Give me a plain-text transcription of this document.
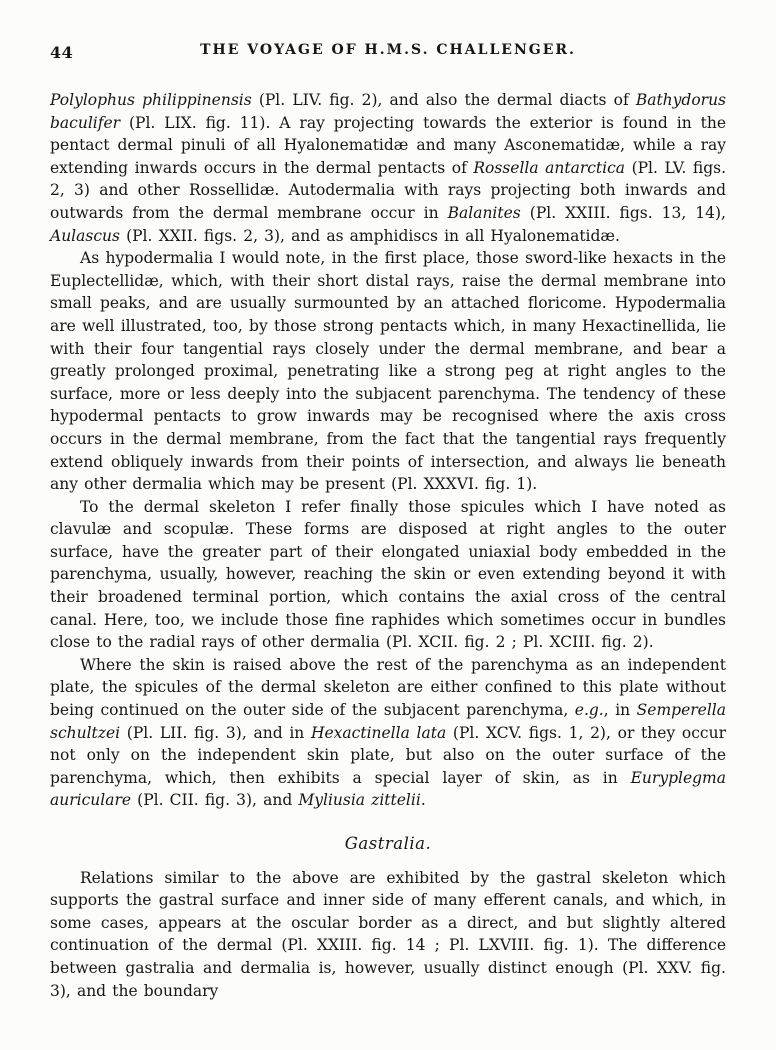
44	THE VOYAGE OF H.M.S. CHALLENGER.

Polylophus philippinensis (Pl. LIV. fig. 2), and also the dermal diacts of Bathydorus baculifer (Pl. LIX. fig. 11). A ray projecting towards the exterior is found in the pentact dermal pinuli of all Hyalonematidæ and many Asconematidæ, while a ray extending inwards occurs in the dermal pentacts of Rossella antarctica (Pl. LV. figs. 2, 3) and other Rossellidæ. Autodermalia with rays projecting both inwards and outwards from the dermal membrane occur in Balanites (Pl. XXIII. figs. 13, 14), Aulascus (Pl. XXII. figs. 2, 3), and as amphidiscs in all Hyalonematidæ.

As hypodermalia I would note, in the first place, those sword-like hexacts in the Euplectellidæ, which, with their short distal rays, raise the dermal membrane into small peaks, and are usually surmounted by an attached floricome. Hypodermalia are well illustrated, too, by those strong pentacts which, in many Hexactinellida, lie with their four tangential rays closely under the dermal membrane, and bear a greatly prolonged proximal, penetrating like a strong peg at right angles to the surface, more or less deeply into the subjacent parenchyma. The tendency of these hypodermal pentacts to grow inwards may be recognised where the axis cross occurs in the dermal membrane, from the fact that the tangential rays frequently extend obliquely inwards from their points of intersection, and always lie beneath any other dermalia which may be present (Pl. XXXVI. fig. 1).

To the dermal skeleton I refer finally those spicules which I have noted as clavulæ and scopulæ. These forms are disposed at right angles to the outer surface, have the greater part of their elongated uniaxial body embedded in the parenchyma, usually, however, reaching the skin or even extending beyond it with their broadened terminal portion, which contains the axial cross of the central canal. Here, too, we include those fine raphides which sometimes occur in bundles close to the radial rays of other dermalia (Pl. XCII. fig. 2 ; Pl. XCIII. fig. 2).

Where the skin is raised above the rest of the parenchyma as an independent plate, the spicules of the dermal skeleton are either confined to this plate without being continued on the outer side of the subjacent parenchyma, e.g., in Semperella schultzei (Pl. LII. fig. 3), and in Hexactinella lata (Pl. XCV. figs. 1, 2), or they occur not only on the independent skin plate, but also on the outer surface of the parenchyma, which, then exhibits a special layer of skin, as in Euryplegma auriculare (Pl. CII. fig. 3), and Myliusia zittelii.

Gastralia.

Relations similar to the above are exhibited by the gastral skeleton which supports the gastral surface and inner side of many efferent canals, and which, in some cases, appears at the oscular border as a direct, and but slightly altered continuation of the dermal (Pl. XXIII. fig. 14 ; Pl. LXVIII. fig. 1). The difference between gastralia and dermalia is, however, usually distinct enough (Pl. XXV. fig. 3), and the boundary
